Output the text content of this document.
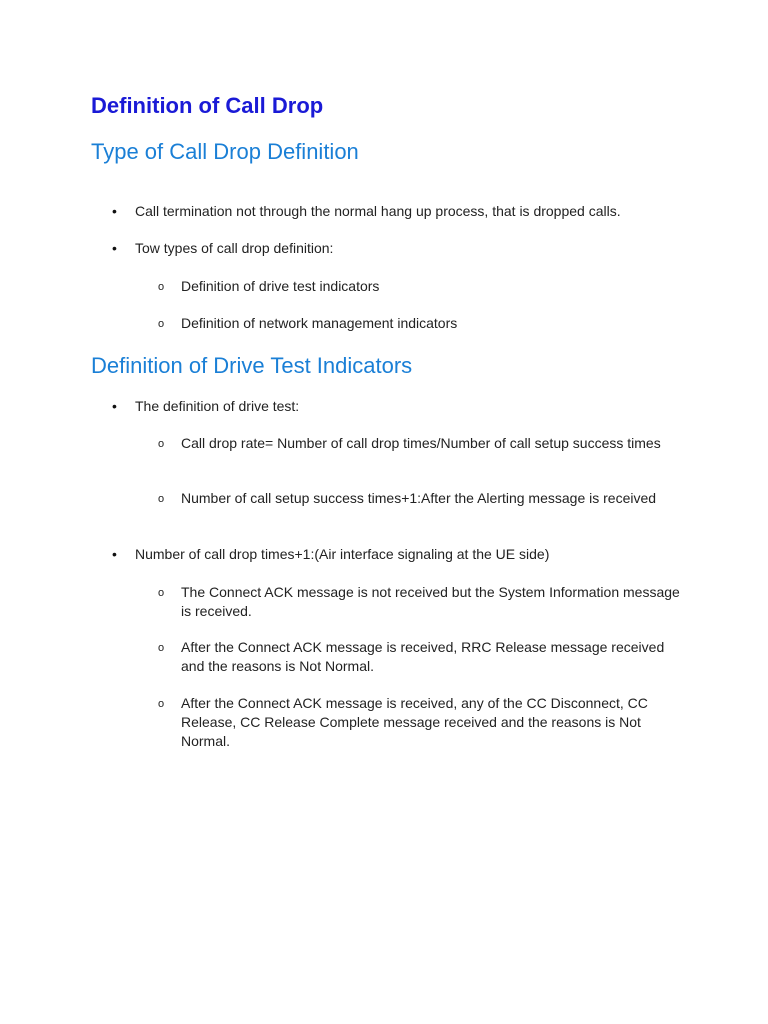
Definition of Call Drop
Type of Call Drop Definition
• Call termination not through the normal hang up process, that is dropped calls.
• Tow types of call drop definition:
o Definition of drive test indicators
o Definition of network management indicators
Definition of Drive Test Indicators
• The definition of drive test:
o Call drop rate= Number of call drop times/Number of call setup success times
o Number of call setup success times+1:After the Alerting message is received
• Number of call drop times+1:(Air interface signaling at the UE side)
o The Connect ACK message is not received but the System Information message is received.
o After the Connect ACK message is received, RRC Release message received and the reasons is Not Normal.
o After the Connect ACK message is received, any of the CC Disconnect, CC Release, CC Release Complete message received and the reasons is Not Normal.
